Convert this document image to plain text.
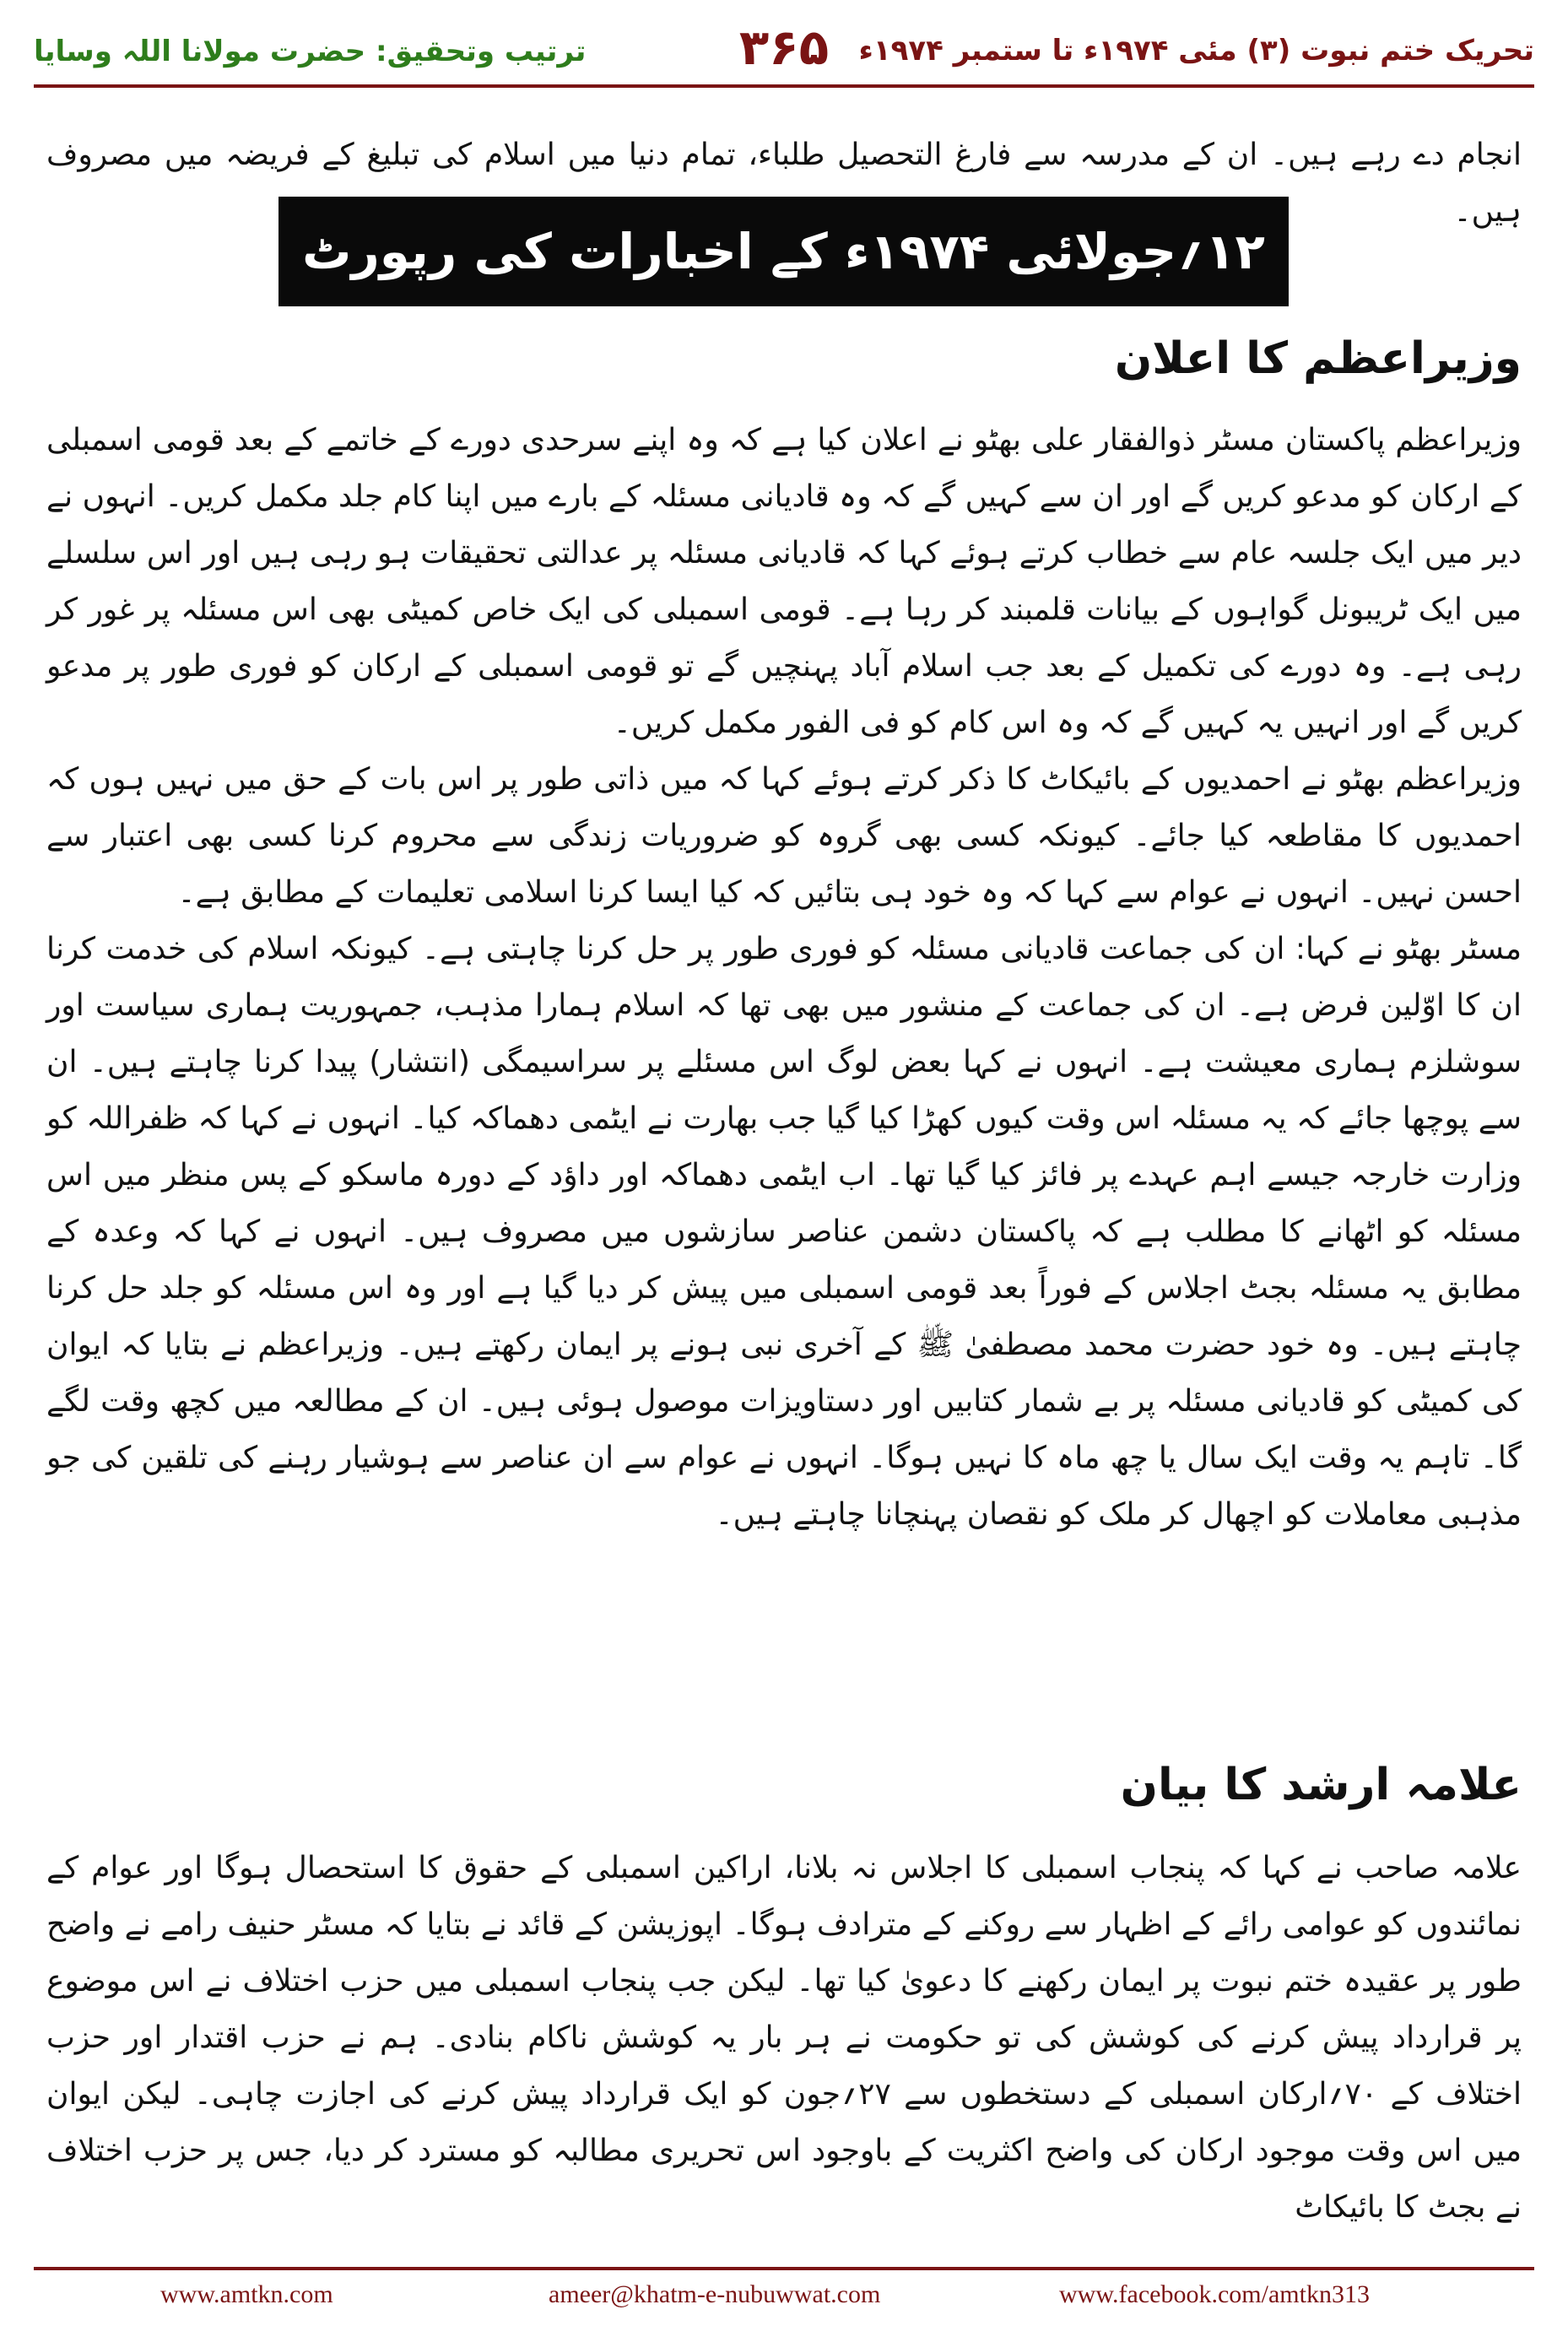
تحریک ختم نبوت (۳) مئی ۱۹۷۴ء تا ستمبر ۱۹۷۴ء
۳۶۵
ترتیب وتحقیق: حضرت مولانا اللہ وسایا

انجام دے رہے ہیں۔ ان کے مدرسہ سے فارغ التحصیل طلباء، تمام دنیا میں اسلام کی تبلیغ کے فریضہ میں مصروف ہیں۔

۱۲؍جولائی ۱۹۷۴ء کے اخبارات کی رپورٹ
وزیراعظم کا اعلان

وزیراعظم پاکستان مسٹر ذوالفقار علی بھٹو نے اعلان کیا ہے کہ وہ اپنے سرحدی دورے کے خاتمے کے بعد قومی اسمبلی کے ارکان کو مدعو کریں گے اور ان سے کہیں گے کہ وہ قادیانی مسئلہ کے بارے میں اپنا کام جلد مکمل کریں۔ انہوں نے دیر میں ایک جلسہ عام سے خطاب کرتے ہوئے کہا کہ قادیانی مسئلہ پر عدالتی تحقیقات ہو رہی ہیں اور اس سلسلے میں ایک ٹریبونل گواہوں کے بیانات قلمبند کر رہا ہے۔ قومی اسمبلی کی ایک خاص کمیٹی بھی اس مسئلہ پر غور کر رہی ہے۔ وہ دورے کی تکمیل کے بعد جب اسلام آباد پہنچیں گے تو قومی اسمبلی کے ارکان کو فوری طور پر مدعو کریں گے اور انہیں یہ کہیں گے کہ وہ اس کام کو فی الفور مکمل کریں۔

وزیراعظم بھٹو نے احمدیوں کے بائیکاٹ کا ذکر کرتے ہوئے کہا کہ میں ذاتی طور پر اس بات کے حق میں نہیں ہوں کہ احمدیوں کا مقاطعہ کیا جائے۔ کیونکہ کسی بھی گروہ کو ضروریات زندگی سے محروم کرنا کسی بھی اعتبار سے احسن نہیں۔ انہوں نے عوام سے کہا کہ وہ خود ہی بتائیں کہ کیا ایسا کرنا اسلامی تعلیمات کے مطابق ہے۔

مسٹر بھٹو نے کہا: ان کی جماعت قادیانی مسئلہ کو فوری طور پر حل کرنا چاہتی ہے۔ کیونکہ اسلام کی خدمت کرنا ان کا اوّلین فرض ہے۔ ان کی جماعت کے منشور میں بھی تھا کہ اسلام ہمارا مذہب، جمہوریت ہماری سیاست اور سوشلزم ہماری معیشت ہے۔ انہوں نے کہا بعض لوگ اس مسئلے پر سراسیمگی (انتشار) پیدا کرنا چاہتے ہیں۔ ان سے پوچھا جائے کہ یہ مسئلہ اس وقت کیوں کھڑا کیا گیا جب بھارت نے ایٹمی دھماکہ کیا۔ انہوں نے کہا کہ ظفراللہ کو وزارت خارجہ جیسے اہم عہدے پر فائز کیا گیا تھا۔ اب ایٹمی دھماکہ اور داؤد کے دورہ ماسکو کے پس منظر میں اس مسئلہ کو اٹھانے کا مطلب ہے کہ پاکستان دشمن عناصر سازشوں میں مصروف ہیں۔ انہوں نے کہا کہ وعدہ کے مطابق یہ مسئلہ بجٹ اجلاس کے فوراً بعد قومی اسمبلی میں پیش کر دیا گیا ہے اور وہ اس مسئلہ کو جلد حل کرنا چاہتے ہیں۔ وہ خود حضرت محمد مصطفیٰ ﷺ کے آخری نبی ہونے پر ایمان رکھتے ہیں۔ وزیراعظم نے بتایا کہ ایوان کی کمیٹی کو قادیانی مسئلہ پر بے شمار کتابیں اور دستاویزات موصول ہوئی ہیں۔ ان کے مطالعہ میں کچھ وقت لگے گا۔ تاہم یہ وقت ایک سال یا چھ ماہ کا نہیں ہوگا۔ انہوں نے عوام سے ان عناصر سے ہوشیار رہنے کی تلقین کی جو مذہبی معاملات کو اچھال کر ملک کو نقصان پہنچانا چاہتے ہیں۔

علامہ ارشد کا بیان

علامہ صاحب نے کہا کہ پنجاب اسمبلی کا اجلاس نہ بلانا، اراکین اسمبلی کے حقوق کا استحصال ہوگا اور عوام کے نمائندوں کو عوامی رائے کے اظہار سے روکنے کے مترادف ہوگا۔ اپوزیشن کے قائد نے بتایا کہ مسٹر حنیف رامے نے واضح طور پر عقیدہ ختم نبوت پر ایمان رکھنے کا دعویٰ کیا تھا۔ لیکن جب پنجاب اسمبلی میں حزب اختلاف نے اس موضوع پر قرارداد پیش کرنے کی کوشش کی تو حکومت نے ہر بار یہ کوشش ناکام بنادی۔ ہم نے حزب اقتدار اور حزب اختلاف کے ۷۰؍ارکان اسمبلی کے دستخطوں سے ۲۷؍جون کو ایک قرارداد پیش کرنے کی اجازت چاہی۔ لیکن ایوان میں اس وقت موجود ارکان کی واضح اکثریت کے باوجود اس تحریری مطالبہ کو مسترد کر دیا، جس پر حزب اختلاف نے بجٹ کا بائیکاٹ

www.amtkn.com	ameer@khatm-e-nubuwwat.com	www.facebook.com/amtkn313
